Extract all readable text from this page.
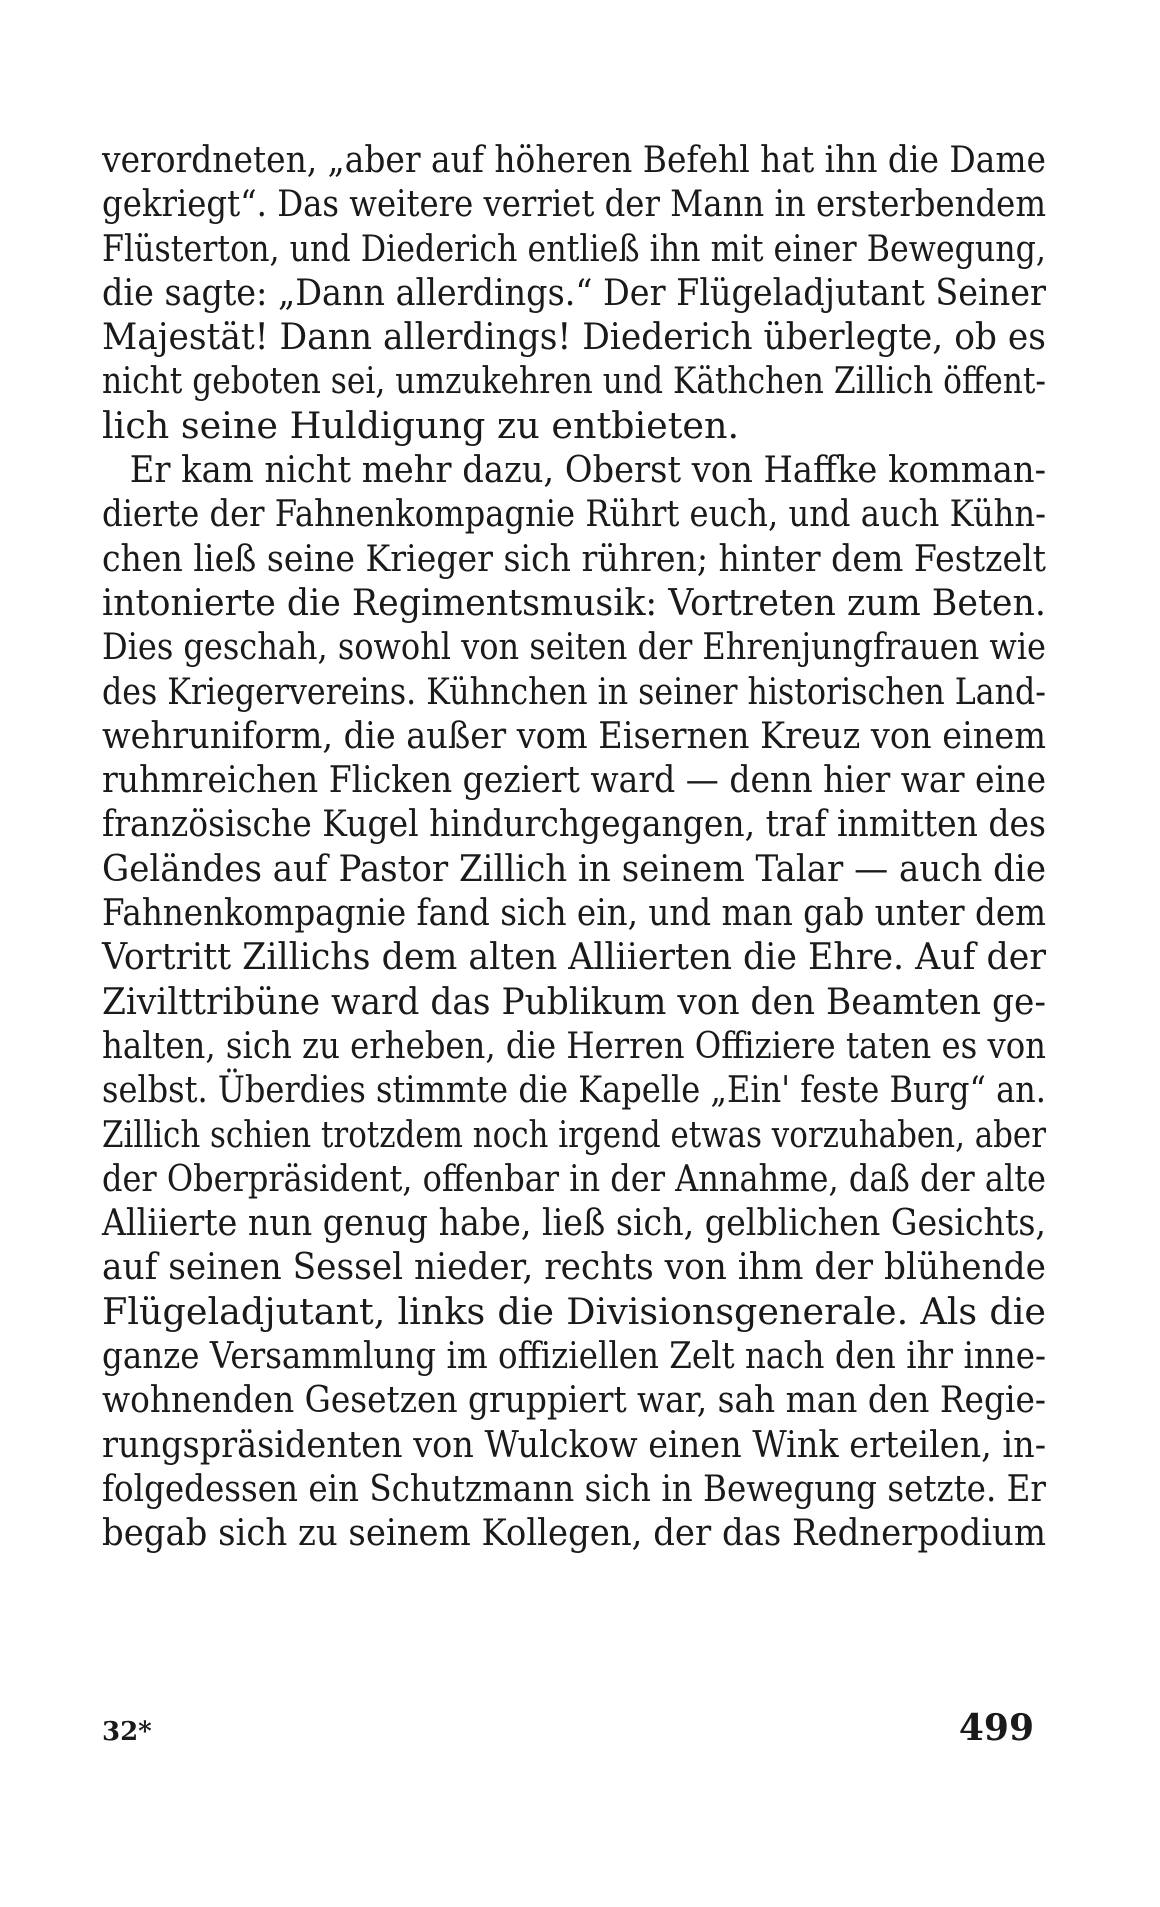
verordneten, „aber auf höheren Befehl hat ihn die Dame
gekriegt“. Das weitere verriet der Mann in ersterbendem
Flüsterton, und Diederich entließ ihn mit einer Bewegung,
die sagte: „Dann allerdings.“ Der Flügeladjutant Seiner
Majestät! Dann allerdings! Diederich überlegte, ob es
nicht geboten sei, umzukehren und Käthchen Zillich öffent-
lich seine Huldigung zu entbieten.
Er kam nicht mehr dazu, Oberst von Haffke komman-
dierte der Fahnenkompagnie Rührt euch, und auch Kühn-
chen ließ seine Krieger sich rühren; hinter dem Festzelt
intonierte die Regimentsmusik: Vortreten zum Beten.
Dies geschah, sowohl von seiten der Ehrenjungfrauen wie
des Kriegervereins. Kühnchen in seiner historischen Land-
wehruniform, die außer vom Eisernen Kreuz von einem
ruhmreichen Flicken geziert ward — denn hier war eine
französische Kugel hindurchgegangen, traf inmitten des
Geländes auf Pastor Zillich in seinem Talar — auch die
Fahnenkompagnie fand sich ein, und man gab unter dem
Vortritt Zillichs dem alten Alliierten die Ehre. Auf der
Zivilttribüne ward das Publikum von den Beamten ge-
halten, sich zu erheben, die Herren Offiziere taten es von
selbst. Überdies stimmte die Kapelle „Ein' feste Burg“ an.
Zillich schien trotzdem noch irgend etwas vorzuhaben, aber
der Oberpräsident, offenbar in der Annahme, daß der alte
Alliierte nun genug habe, ließ sich, gelblichen Gesichts,
auf seinen Sessel nieder, rechts von ihm der blühende
Flügeladjutant, links die Divisionsgenerale. Als die
ganze Versammlung im offiziellen Zelt nach den ihr inne-
wohnenden Gesetzen gruppiert war, sah man den Regie-
rungspräsidenten von Wulckow einen Wink erteilen, in-
folgedessen ein Schutzmann sich in Bewegung setzte. Er
begab sich zu seinem Kollegen, der das Rednerpodium
32*	499
